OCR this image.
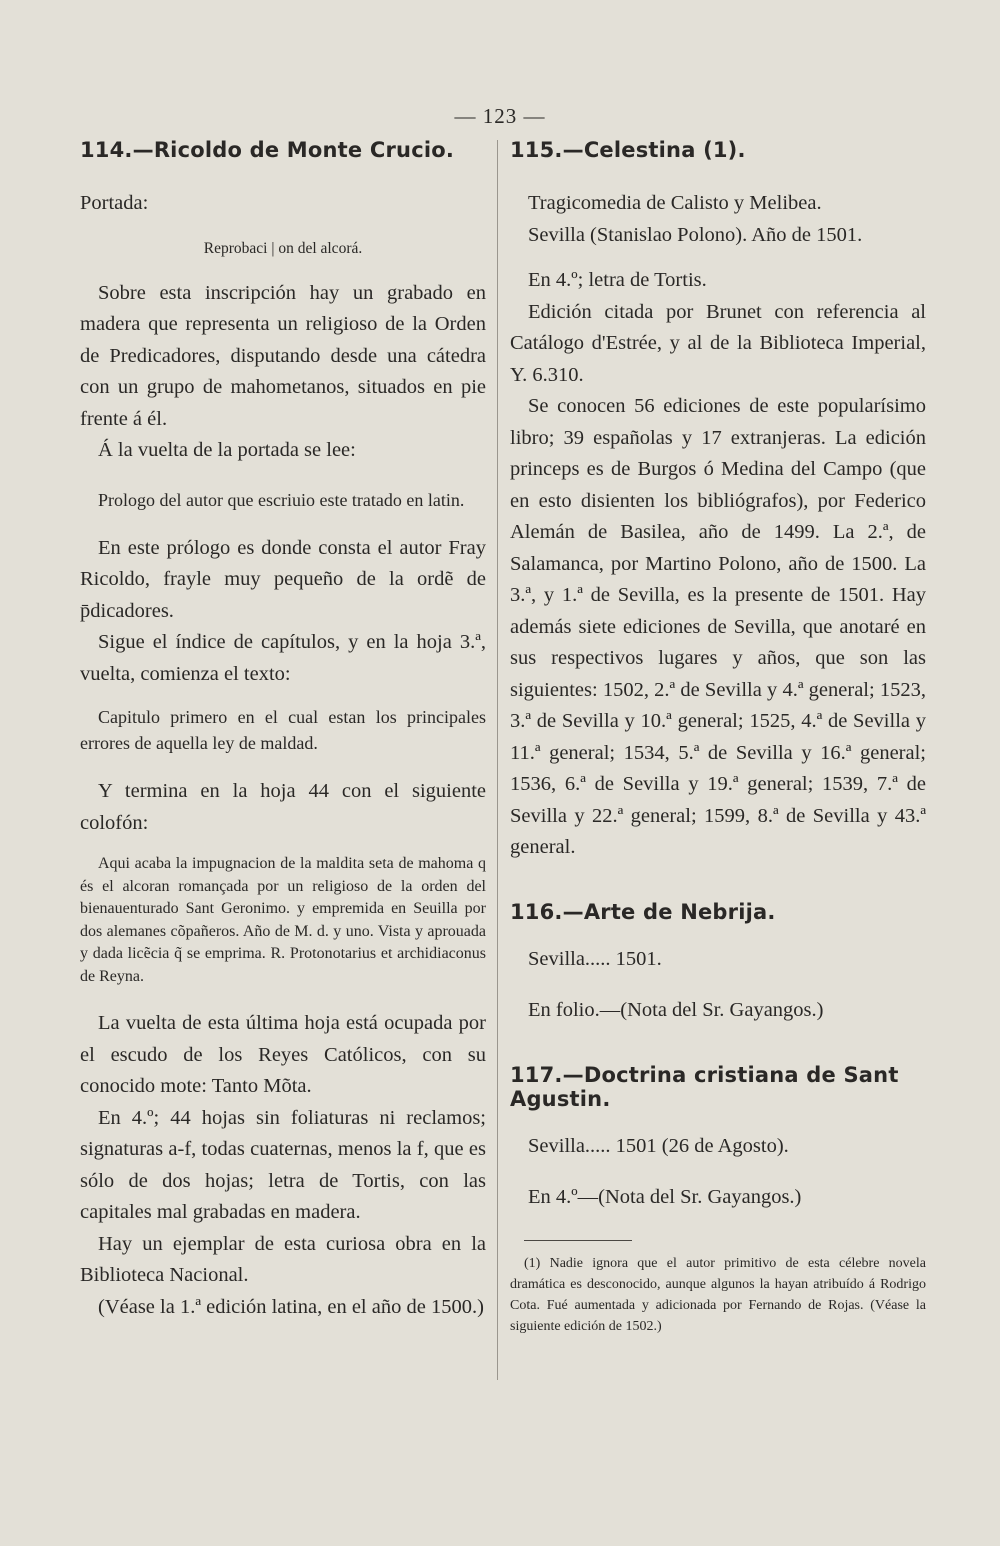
— 123 —
114.—Ricoldo de Monte Crucio.

Portada:

Reprobaci | on del alcorá.

Sobre esta inscripción hay un grabado en madera que representa un religioso de la Orden de Predicadores, disputando desde una cátedra con un grupo de mahometanos, situados en pie frente á él.

Á la vuelta de la portada se lee:

Prologo del autor que escriuio este tratado en latin.

En este prólogo es donde consta el autor Fray Ricoldo, frayle muy pequeño de la ordẽ de p̄dicadores.

Sigue el índice de capítulos, y en la hoja 3.ª, vuelta, comienza el texto:

Capitulo primero en el cual estan los principales errores de aquella ley de maldad.

Y termina en la hoja 44 con el siguiente colofón:

Aqui acaba la impugnacion de la maldita seta de mahoma q és el alcoran romançada por un religioso de la orden del bienauenturado Sant Geronimo. y empremida en Seuilla por dos alemanes cõpañeros. Año de M. d. y uno. Vista y aprouada y dada licẽcia q̃ se emprima. R. Protonotarius et archidiaconus de Reyna.

La vuelta de esta última hoja está ocupada por el escudo de los Reyes Católicos, con su conocido mote: Tanto Mõta.

En 4.º; 44 hojas sin foliaturas ni reclamos; signaturas a-f, todas cuaternas, menos la f, que es sólo de dos hojas; letra de Tortis, con las capitales mal grabadas en madera.

Hay un ejemplar de esta curiosa obra en la Biblioteca Nacional.

(Véase la 1.ª edición latina, en el año de 1500.)

115.—Celestina (1).

Tragicomedia de Calisto y Melibea.

Sevilla (Stanislao Polono). Año de 1501.

En 4.º; letra de Tortis.

Edición citada por Brunet con referencia al Catálogo d'Estrée, y al de la Biblioteca Imperial, Y. 6.310.

Se conocen 56 ediciones de este popularísimo libro; 39 españolas y 17 extranjeras. La edición princeps es de Burgos ó Medina del Campo (que en esto disienten los bibliógrafos), por Federico Alemán de Basilea, año de 1499. La 2.ª, de Salamanca, por Martino Polono, año de 1500. La 3.ª, y 1.ª de Sevilla, es la presente de 1501. Hay además siete ediciones de Sevilla, que anotaré en sus respectivos lugares y años, que son las siguientes: 1502, 2.ª de Sevilla y 4.ª general; 1523, 3.ª de Sevilla y 10.ª general; 1525, 4.ª de Sevilla y 11.ª general; 1534, 5.ª de Sevilla y 16.ª general; 1536, 6.ª de Sevilla y 19.ª general; 1539, 7.ª de Sevilla y 22.ª general; 1599, 8.ª de Sevilla y 43.ª general.

116.—Arte de Nebrija.

Sevilla..... 1501.

En folio.—(Nota del Sr. Gayangos.)

117.—Doctrina cristiana de Sant Agustin.

Sevilla..... 1501 (26 de Agosto).

En 4.º—(Nota del Sr. Gayangos.)

(1) Nadie ignora que el autor primitivo de esta célebre novela dramática es desconocido, aunque algunos la hayan atribuído á Rodrigo Cota. Fué aumentada y adicionada por Fernando de Rojas. (Véase la siguiente edición de 1502.)
